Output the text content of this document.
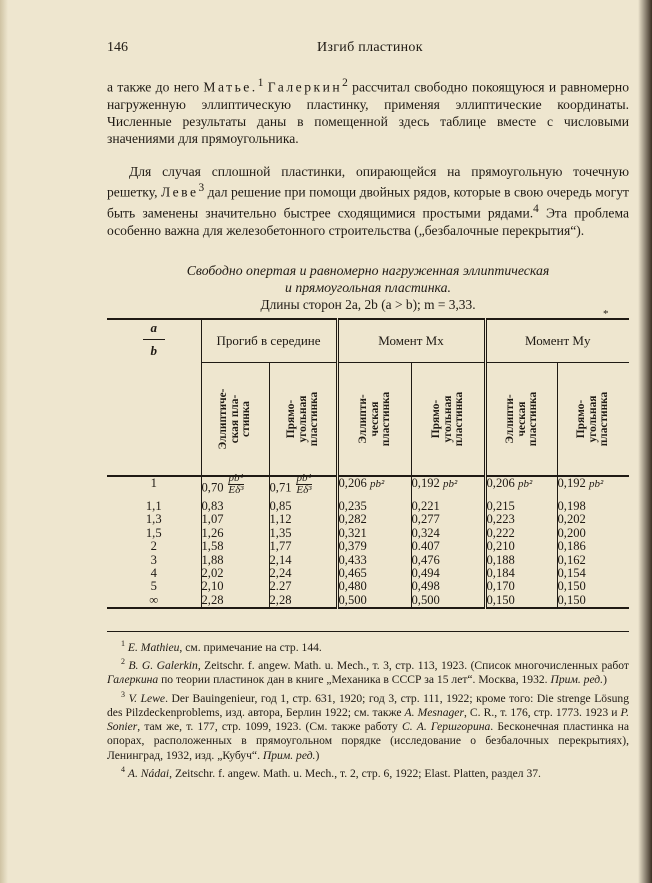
146	Изгиб пластинок
а также до него Матье.$^1$ Галеркин$^2$ рассчитал свободно покоящуюся и равномерно нагруженную эллиптическую пластинку, применяя эллиптические координаты. Численные результаты даны в помещенной здесь таблице вместе с числовыми значениями для прямоугольника.
Для случая сплошной пластинки, опирающейся на прямоугольную точечную решетку, Леве$^3$ дал решение при помощи двойных рядов, которые в свою очередь могут быть заменены значительно быстрее сходящимися простыми рядами.$^4$ Эта проблема особенно важна для железобетонного строительства („безбалочные перекрытия“).
Свободно опертая и равномерно нагруженная эллиптическая
и прямоугольная пластинка.
Длины сторон 2a, 2b (a > b); m = 3,33.
*
a
b	Прогиб в середине		Момент Mx		Момент My	

	Эллиптиче-
ская пла-
стинка	Прямо-
угольная
пластинка	Эллипти-
ческая
пластинка	Прямо-
угольная
пластинка	Эллипти-
ческая
пластинка	Прямо-
угольная
пластинка

1	$0,70 \frac{\text{pb⁴}}{\text{Eδ³}}$	$0,71 \frac{\text{pb⁴}}{\text{Eδ³}}$	0,206 pb²	0,192 pb²	0,206 pb²	0,192 pb²
1,1	0,83	0,85	0,235	0,221	0,215	0,198
1,3	1,07	1,12	0,282	0,277	0,223	0,202
1,5	1,26	1,35	0,321	0,324	0,222	0,200
2	1,58	1,77	0,379	0.407	0,210	0,186
3	1,88	2,14	0,433	0,476	0,188	0,162
4	2,02	2,24	0,465	0,494	0,184	0,154
5	2,10	2.27	0,480	0,498	0,170	0,150
∞	2,28	2,28	0,500	0,500	0,150	0,150

$^1$ E. Mathieu, см. примечание на стр. 144.

$^2$ B. G. Galerkin, Zeitschr. f. angew. Math. u. Mech., т. 3, стр. 113, 1923. (Список многочисленных работ Галеркина по теории пластинок дан в книге „Механика в СССР за 15 лет“. Москва, 1932. Прим. ред.)

$^3$ V. Lewe. Der Bauingenieur, год 1, стр. 631, 1920; год 3, стр. 111, 1922; кроме того: Die strenge Lösung des Pilzdeckenproblems, изд. автора, Берлин 1922; см. также A. Mesnager, C. R., т. 176, стр. 1773. 1923 и P. Sonier, там же, т. 177, стр. 1099, 1923. (См. также работу С. А. Гершгорина. Бесконечная пластинка на опорах, расположенных в прямоугольном порядке (исследование о безбалочных перекрытиях), Ленинград, 1932, изд. „Кубуч“. Прим. ред.)

$^4$ A. Nádai, Zeitschr. f. angew. Math. u. Mech., т. 2, стр. 6, 1922; Elast. Platten, раздел 37.
